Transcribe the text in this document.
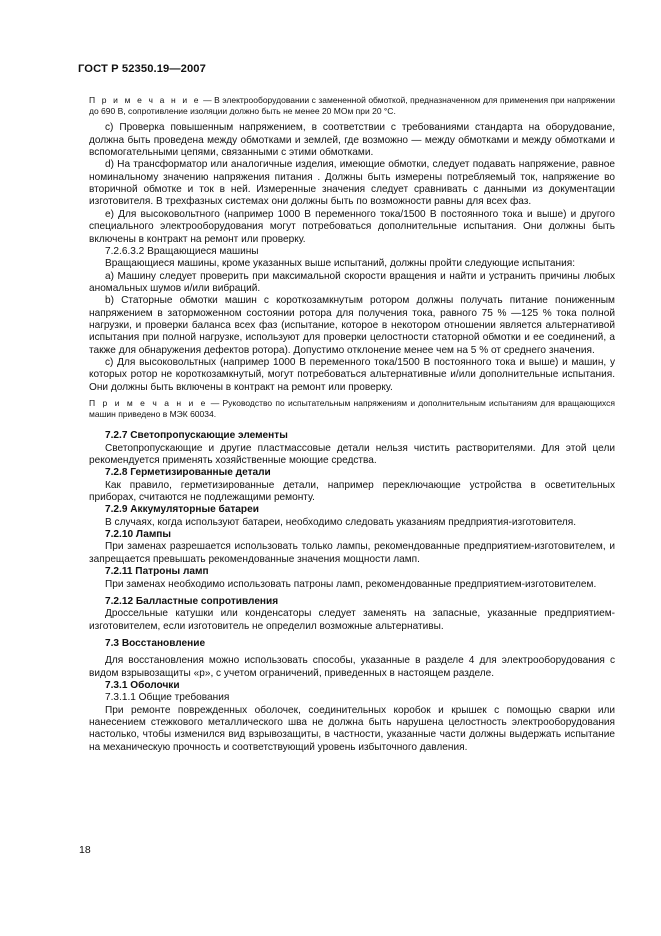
ГОСТ Р 52350.19—2007

П р и м е ч а н и е — В электрооборудовании с замененной обмоткой, предназначенном для применения при напряжении до 690 В, сопротивление изоляции должно быть не менее 20 МОм при 20 °С.

с) Проверка повышенным напряжением, в соответствии с требованиями стандарта на оборудование, должна быть проведена между обмотками и землей, где возможно — между обмотками и между обмотками и вспомогательными цепями, связанными с этими обмотками.

d) На трансформатор или аналогичные изделия, имеющие обмотки, следует подавать напряжение, равное номинальному значению напряжения питания . Должны быть измерены потребляемый ток, напряжение во вторичной обмотке и ток в ней. Измеренные значения следует сравнивать с данными из документации изготовителя. В трехфазных системах они должны быть по возможности равны для всех фаз.

е) Для высоковольтного (например 1000 В переменного тока/1500 В постоянного тока и выше) и другого специального электрооборудования могут потребоваться дополнительные испытания. Они должны быть включены в контракт на ремонт или проверку.

7.2.6.3.2 Вращающиеся машины

Вращающиеся машины, кроме указанных выше испытаний, должны пройти следующие испытания:

а) Машину следует проверить при максимальной скорости вращения и найти и устранить причины любых аномальных шумов и/или вибраций.

b) Статорные обмотки машин с короткозамкнутым ротором должны получать питание пониженным напряжением в заторможенном состоянии ротора для получения тока, равного 75 % —125 % тока полной нагрузки, и проверки баланса всех фаз (испытание, которое в некотором отношении является альтернативой испытания при полной нагрузке, используют для проверки целостности статорной обмотки и ее соединений, а также для обнаружения дефектов ротора). Допустимо отклонение менее чем на 5 % от среднего значения.

с) Для высоковольтных (например 1000 В переменного тока/1500 В постоянного тока и выше) и машин, у которых ротор не короткозамкнутый, могут потребоваться альтернативные и/или дополнительные испытания. Они должны быть включены в контракт на ремонт или проверку.

П р и м е ч а н и е — Руководство по испытательным напряжениям и дополнительным испытаниям для вращающихся машин приведено в МЭК 60034.

7.2.7 Светопропускающие элементы

Светопропускающие и другие пластмассовые детали нельзя чистить растворителями. Для этой цели рекомендуется применять хозяйственные моющие средства.

7.2.8 Герметизированные детали

Как правило, герметизированные детали, например переключающие устройства в осветительных приборах, считаются не подлежащими ремонту.

7.2.9 Аккумуляторные батареи

В случаях, когда используют батареи, необходимо следовать указаниям предприятия-изготовителя.

7.2.10 Лампы

При заменах разрешается использовать только лампы, рекомендованные предприятием-изготовителем, и запрещается превышать рекомендованные значения мощности ламп.

7.2.11 Патроны ламп

При заменах необходимо использовать патроны ламп, рекомендованные предприятием-изготовителем.

7.2.12 Балластные сопротивления

Дроссельные катушки или конденсаторы следует заменять на запасные, указанные предприятием-изготовителем, если изготовитель не определил возможные альтернативы.

7.3 Восстановление

Для восстановления можно использовать способы, указанные в разделе 4 для электрооборудования с видом взрывозащиты «р», с учетом ограничений, приведенных в настоящем разделе.

7.3.1 Оболочки

7.3.1.1 Общие требования

При ремонте поврежденных оболочек, соединительных коробок и крышек с помощью сварки или нанесением стежкового металлического шва не должна быть нарушена целостность электрооборудования настолько, чтобы изменился вид взрывозащиты, в частности, указанные части должны выдержать испытание на механическую прочность и соответствующий уровень избыточного давления.

18
